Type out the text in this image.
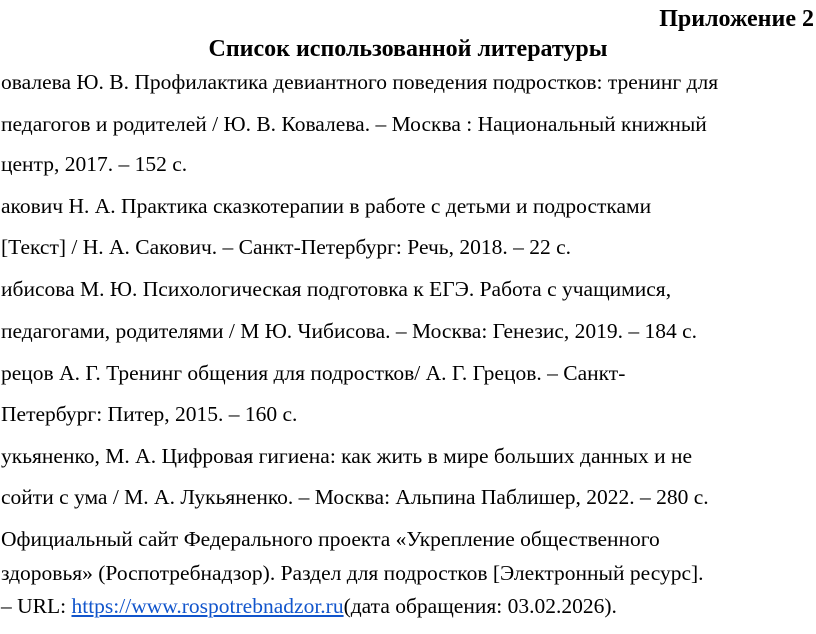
Приложение 2
Список использованной литературы
овалева Ю. В. Профилактика девиантного поведения подростков: тренинг для
педагогов и родителей / Ю. В. Ковалева. – Москва : Национальный книжный
центр, 2017. – 152 с.
акович Н. А. Практика сказкотерапии в работе с детьми и подростками
[Текст] / Н. А. Сакович. – Санкт-Петербург: Речь, 2018. – 22 с.
ибисова М. Ю. Психологическая подготовка к ЕГЭ. Работа с учащимися,
педагогами, родителями / М Ю. Чибисова. – Москва: Генезис, 2019. – 184 с.
рецов А. Г. Тренинг общения для подростков/ А. Г. Грецов. – Санкт-
Петербург: Питер, 2015. – 160 с.
укьяненко, М. А. Цифровая гигиена: как жить в мире больших данных и не
сойти с ума / М. А. Лукьяненко. – Москва: Альпина Паблишер, 2022. – 280 с.
Официальный сайт Федерального проекта «Укрепление общественного
здоровья» (Роспотребнадзор). Раздел для подростков [Электронный ресурс].
– URL: https://www.rospotrebnadzor.ru(дата обращения: 03.02.2026).
